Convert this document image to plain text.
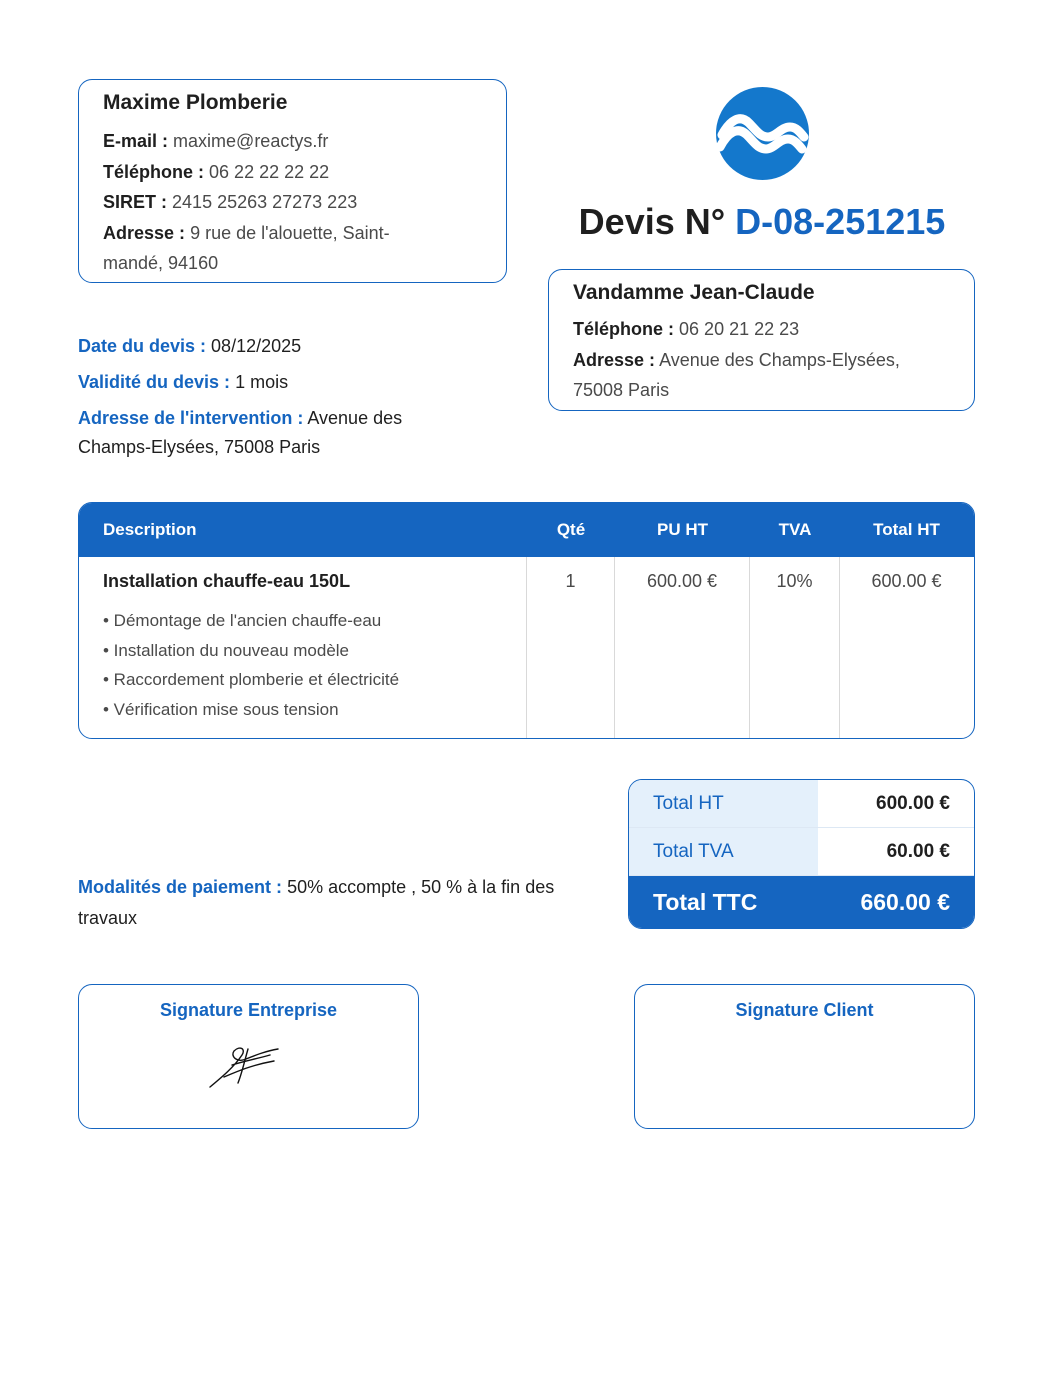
Maxime Plomberie
E-mail : maxime@reactys.fr
Téléphone : 06 22 22 22 22
SIRET : 2415 25263 27273 223
Adresse : 9 rue de l'alouette, Saint-
mandé, 94160
Devis N° D-08-251215
Vandamme Jean-Claude
Téléphone : 06 20 21 22 23
Adresse : Avenue des Champs-Elysées,
75008 Paris
Date du devis : 08/12/2025
Validité du devis : 1 mois
Adresse de l'intervention : Avenue des
Champs-Elysées, 75008 Paris
Description	Qté	PU HT	TVA	Total HT
Installation chauffe-eau 150L
• Démontage de l'ancien chauffe-eau
• Installation du nouveau modèle
• Raccordement plomberie et électricité
• Vérification mise sous tension
1	600.00 €	10%	600.00 €
Total HT	600.00 €
Total TVA	60.00 €
Total TTC	660.00 €
Modalités de paiement : 50% accompte , 50 % à la fin des
travaux
Signature Entreprise	Signature Client
